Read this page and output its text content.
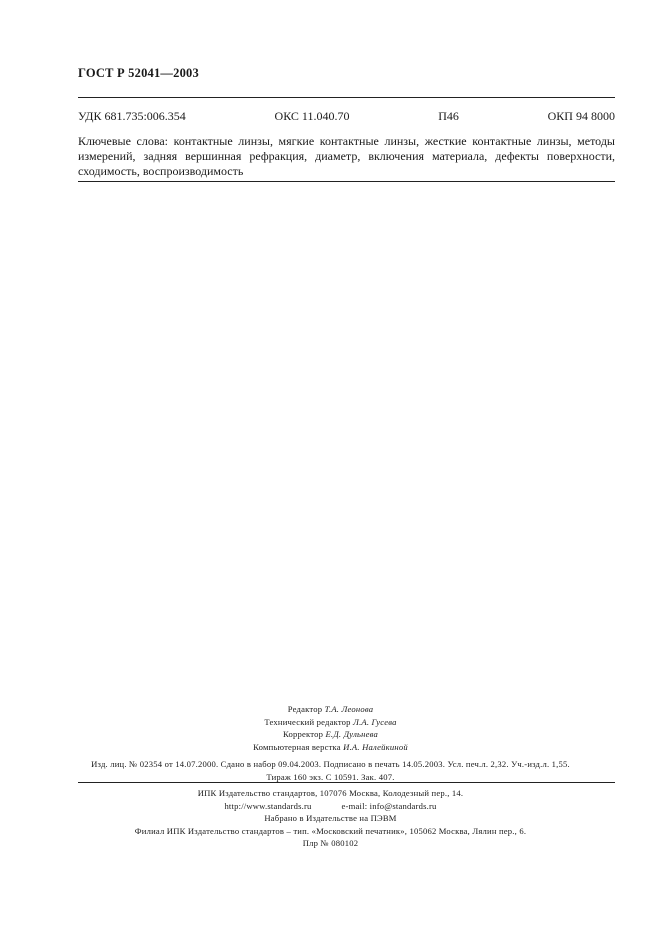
ГОСТ Р 52041—2003
УДК 681.735:006.354	ОКС 11.040.70	П46	ОКП 94 8000
Ключевые слова: контактные линзы, мягкие контактные линзы, жесткие контактные линзы, методы измерений, задняя вершинная рефракция, диаметр, включения материала, дефекты поверхности, сходимость, воспроизводимость
Редактор Т.А. Леонова
Технический редактор Л.А. Гусева
Корректор Е.Д. Дульнева
Компьютерная верстка И.А. Налейкиной
Изд. лиц. № 02354 от 14.07.2000. Сдано в набор 09.04.2003. Подписано в печать 14.05.2003. Усл. печ.л. 2,32. Уч.-изд.л. 1,55.
Тираж 160 экз. С 10591. Зак. 407.
ИПК Издательство стандартов, 107076 Москва, Колодезный пер., 14.
http://www.standards.ru	e-mail: info@standards.ru
Набрано в Издательстве на ПЭВМ
Филиал ИПК Издательство стандартов – тип. «Московский печатник», 105062 Москва, Лялин пер., 6.
Плр № 080102
